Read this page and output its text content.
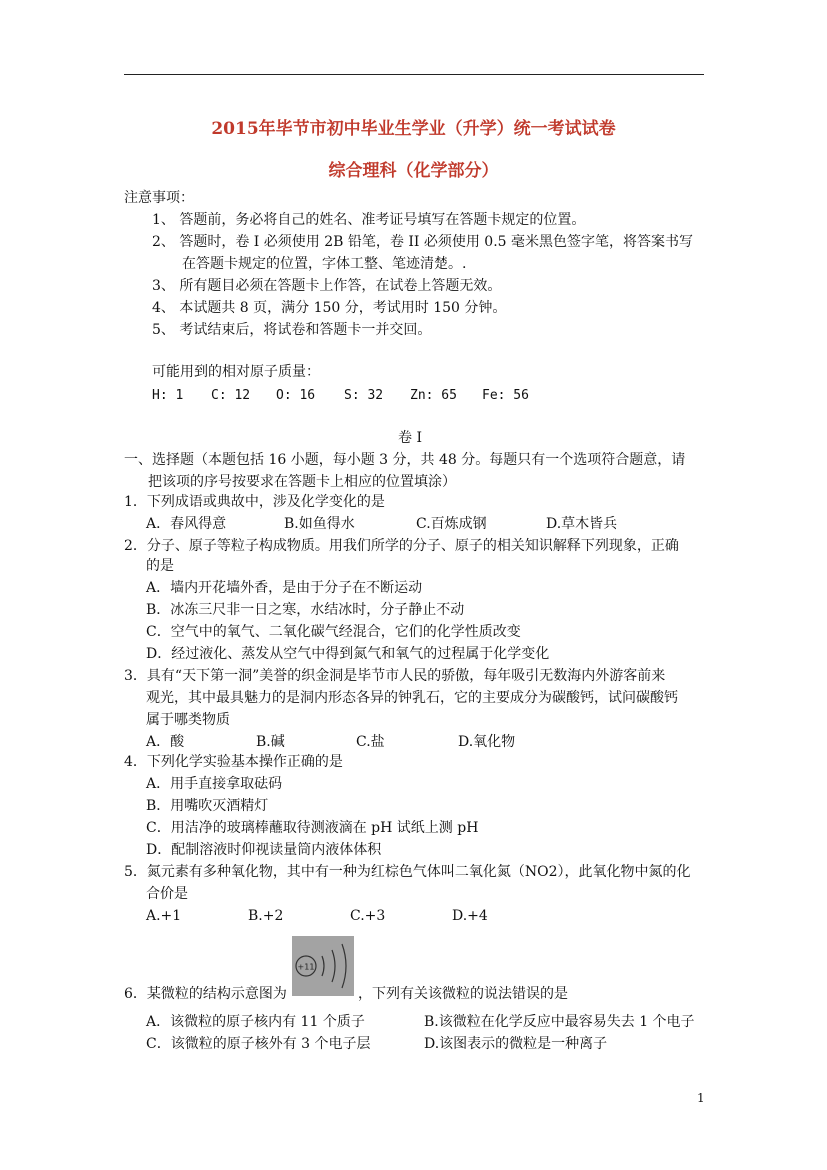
2015年毕节市初中毕业生学业（升学）统一考试试卷
综合理科（化学部分）
注意事项：
1、 答题前，务必将自己的姓名、准考证号填写在答题卡规定的位置。
2、 答题时，卷 I 必须使用 2B 铅笔，卷 II 必须使用 0.5 毫米黑色签字笔，将答案书写
在答题卡规定的位置，字体工整、笔迹清楚。.
3、 所有题目必须在答题卡上作答，在试卷上答题无效。
4、 本试题共 8 页，满分 150 分，考试用时 150 分钟。
5、 考试结束后，将试卷和答题卡一并交回。
可能用到的相对原子质量：
H: 1 C: 12 O: 16 S: 32 Zn: 65 Fe: 56
卷 I
一、选择题（本题包括 16 小题，每小题 3 分，共 48 分。每题只有一个选项符合题意，请
把该项的序号按要求在答题卡上相应的位置填涂）
1．下列成语或典故中，涉及化学变化的是
A．春风得意	B.如鱼得水	C.百炼成钢	D.草木皆兵
2．分子、原子等粒子构成物质。用我们所学的分子、原子的相关知识解释下列现象，正确
的是
A．墙内开花墙外香，是由于分子在不断运动
B．冰冻三尺非一日之寒，水结冰时，分子静止不动
C．空气中的氧气、二氧化碳气经混合，它们的化学性质改变
D．经过液化、蒸发从空气中得到氮气和氧气的过程属于化学变化
3．具有“天下第一洞”美誉的织金洞是毕节市人民的骄傲，每年吸引无数海内外游客前来
观光，其中最具魅力的是洞内形态各异的钟乳石，它的主要成分为碳酸钙，试问碳酸钙
属于哪类物质
A．酸	B.碱	C.盐	D.氧化物
4．下列化学实验基本操作正确的是
A．用手直接拿取砝码
B．用嘴吹灭酒精灯
C．用洁净的玻璃棒蘸取待测液滴在 pH 试纸上测 pH
D．配制溶液时仰视读量筒内液体体积
5．氮元素有多种氧化物，其中有一种为红棕色气体叫二氧化氮（NO2），此氧化物中氮的化
合价是
A.+1	B.+2	C.+3	D.+4
6．某微粒的结构示意图为
+11
，下列有关该微粒的说法错误的是
A．该微粒的原子核内有 11 个质子	B.该微粒在化学反应中最容易失去 1 个电子
C．该微粒的原子核外有 3 个电子层	D.该图表示的微粒是一种离子
1
